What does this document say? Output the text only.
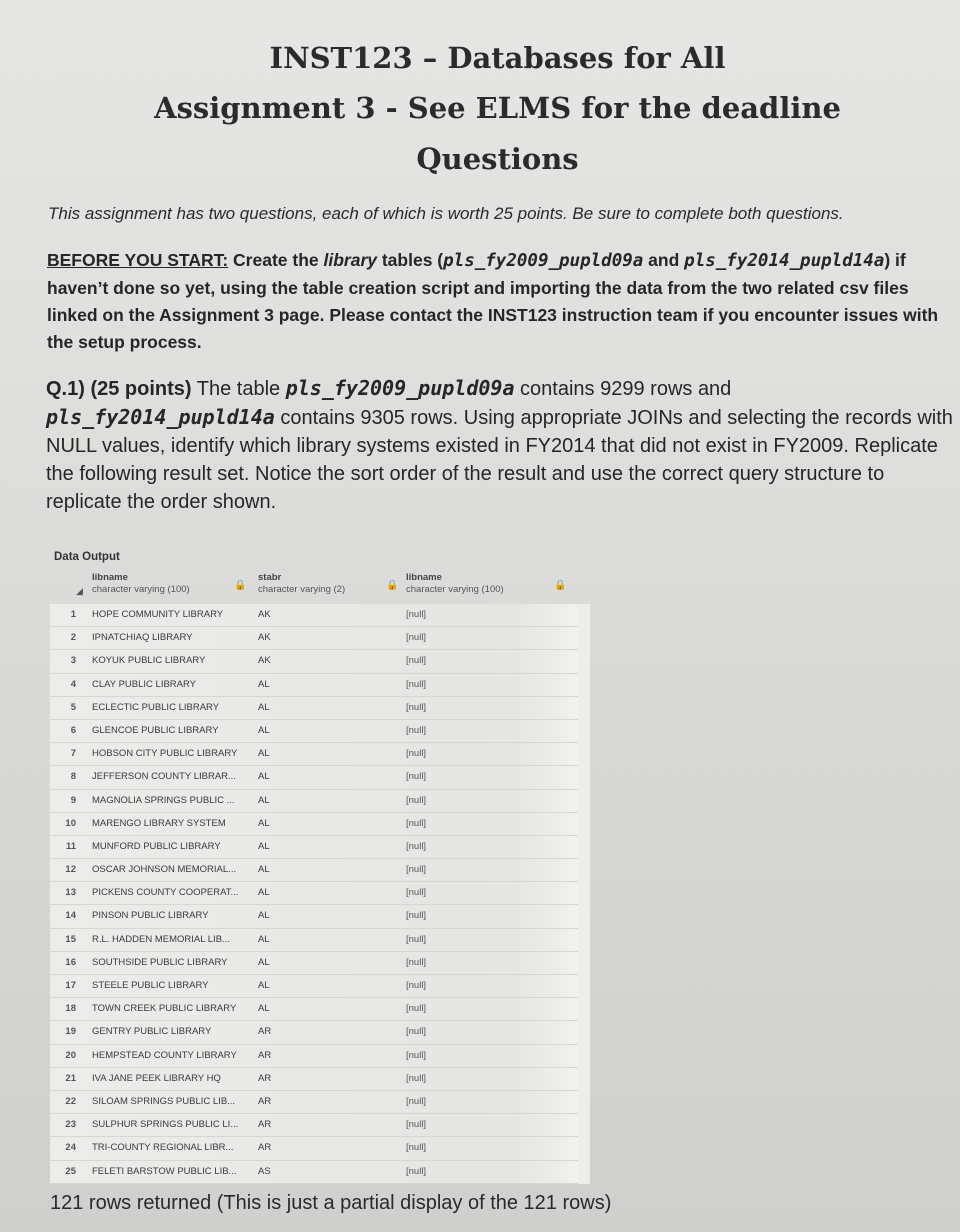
INST123 – Databases for All
Assignment 3 - See ELMS for the deadline
Questions
This assignment has two questions, each of which is worth 25 points. Be sure to complete both questions.
BEFORE YOU START: Create the library tables (pls_fy2009_pupld09a and pls_fy2014_pupld14a) if haven’t done so yet, using the table creation script and importing the data from the two related csv files linked on the Assignment 3 page. Please contact the INST123 instruction team if you encounter issues with the setup process.
Q.1) (25 points) The table pls_fy2009_pupld09a contains 9299 rows and pls_fy2014_pupld14a contains 9305 rows. Using appropriate JOINs and selecting the records with NULL values, identify which library systems existed in FY2014 that did not exist in FY2009. Replicate the following result set. Notice the sort order of the result and use the correct query structure to replicate the order shown.
Data Output
◢
libname
character varying (100)	🔒
stabr
character varying (2)	🔒
libname
character varying (100)	🔒
1 HOPE COMMUNITY LIBRARY	AK	[null]
2 IPNATCHIAQ LIBRARY	AK	[null]
3 KOYUK PUBLIC LIBRARY	AK	[null]
4 CLAY PUBLIC LIBRARY	AL	[null]
5 ECLECTIC PUBLIC LIBRARY	AL	[null]
6 GLENCOE PUBLIC LIBRARY	AL	[null]
7 HOBSON CITY PUBLIC LIBRARY AL	[null]
8 JEFFERSON COUNTY LIBRAR... AL	[null]
9 MAGNOLIA SPRINGS PUBLIC ... AL	[null]
10 MARENGO LIBRARY SYSTEM	AL	[null]
11 MUNFORD PUBLIC LIBRARY	AL	[null]
12 OSCAR JOHNSON MEMORIAL... AL	[null]
13 PICKENS COUNTY COOPERAT... AL	[null]
14 PINSON PUBLIC LIBRARY	AL	[null]
15 R.L. HADDEN MEMORIAL LIB...	AL	[null]
16 SOUTHSIDE PUBLIC LIBRARY	AL	[null]
17 STEELE PUBLIC LIBRARY	AL	[null]
18 TOWN CREEK PUBLIC LIBRARY AL	[null]
19 GENTRY PUBLIC LIBRARY	AR	[null]
20 HEMPSTEAD COUNTY LIBRARY AR	[null]
21 IVA JANE PEEK LIBRARY HQ	AR	[null]
22 SILOAM SPRINGS PUBLIC LIB... AR	[null]
23 SULPHUR SPRINGS PUBLIC LI... AR	[null]
24 TRI-COUNTY REGIONAL LIBR...	AR	[null]
25 FELETI BARSTOW PUBLIC LIB... AS	[null]
121 rows returned (This is just a partial display of the 121 rows)
